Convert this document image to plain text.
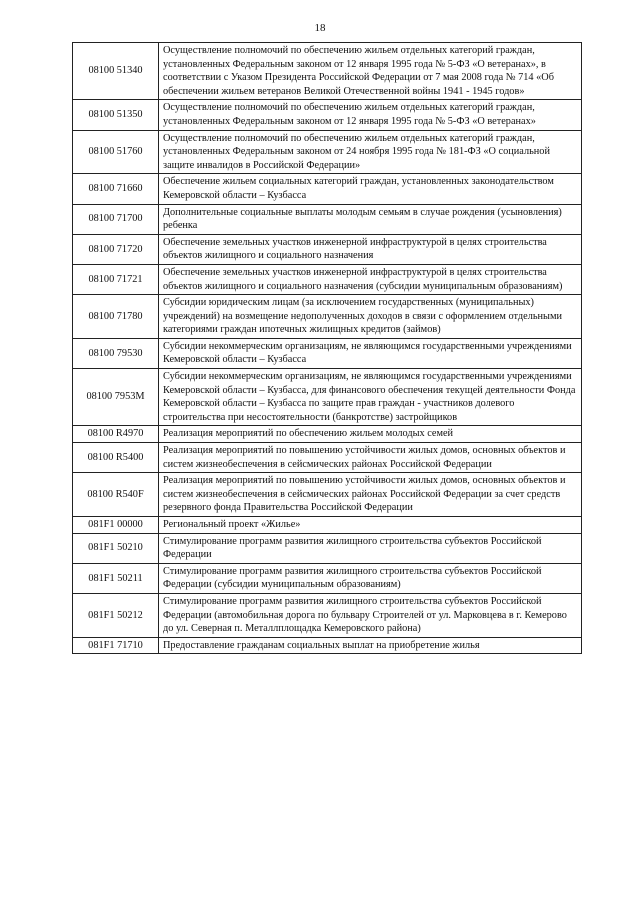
18
08100 51340	Осуществление полномочий по обеспечению жильем отдельных категорий граждан, установленных Федеральным законом от 12 января 1995 года № 5-ФЗ «О ветеранах», в соответствии с Указом Президента Российской Федерации от 7 мая 2008 года № 714 «Об обеспечении жильем ветеранов Великой Отечественной войны 1941 - 1945 годов»
08100 51350	Осуществление полномочий по обеспечению жильем отдельных категорий граждан, установленных Федеральным законом от 12 января 1995 года № 5-ФЗ «О ветеранах»
08100 51760	Осуществление полномочий по обеспечению жильем отдельных категорий граждан, установленных Федеральным законом от 24 ноября 1995 года № 181-ФЗ «О социальной защите инвалидов в Российской Федерации»
08100 71660	Обеспечение жильем социальных категорий граждан, установленных законодательством Кемеровской области – Кузбасса
08100 71700	Дополнительные социальные выплаты молодым семьям в случае рождения (усыновления) ребенка
08100 71720	Обеспечение земельных участков инженерной инфраструктурой в целях строительства объектов жилищного и социального назначения
08100 71721	Обеспечение земельных участков инженерной инфраструктурой в целях строительства объектов жилищного и социального назначения (субсидии муниципальным образованиям)
08100 71780	Субсидии юридическим лицам (за исключением государственных (муниципальных) учреждений) на возмещение недополученных доходов в связи с оформлением отдельными категориями граждан ипотечных жилищных кредитов (займов)
08100 79530	Субсидии некоммерческим организациям, не являющимся государственными учреждениями Кемеровской области – Кузбасса
08100 7953М	Субсидии некоммерческим организациям, не являющимся государственными учреждениями Кемеровской области – Кузбасса, для финансового обеспечения текущей деятельности Фонда Кемеровской области – Кузбасса по защите прав граждан - участников долевого строительства при несостоятельности (банкротстве) застройщиков
08100 R4970	Реализация мероприятий по обеспечению жильем молодых семей
08100 R5400	Реализация мероприятий по повышению устойчивости жилых домов, основных объектов и систем жизнеобеспечения в сейсмических районах Российской Федерации
08100 R540F	Реализация мероприятий по повышению устойчивости жилых домов, основных объектов и систем жизнеобеспечения в сейсмических районах Российской Федерации за счет средств резервного фонда Правительства Российской Федерации
081F1 00000	Региональный проект «Жилье»
081F1 50210	Стимулирование программ развития жилищного строительства субъектов Российской Федерации
081F1 50211	Стимулирование программ развития жилищного строительства субъектов Российской Федерации (субсидии муниципальным образованиям)
081F1 50212	Стимулирование программ развития жилищного строительства субъектов Российской Федерации (автомобильная дорога по бульвару Строителей от ул. Марковцева в г. Кемерово до ул. Северная п. Металлплощадка Кемеровского района)
081F1 71710	Предоставление гражданам социальных выплат на приобретение жилья
